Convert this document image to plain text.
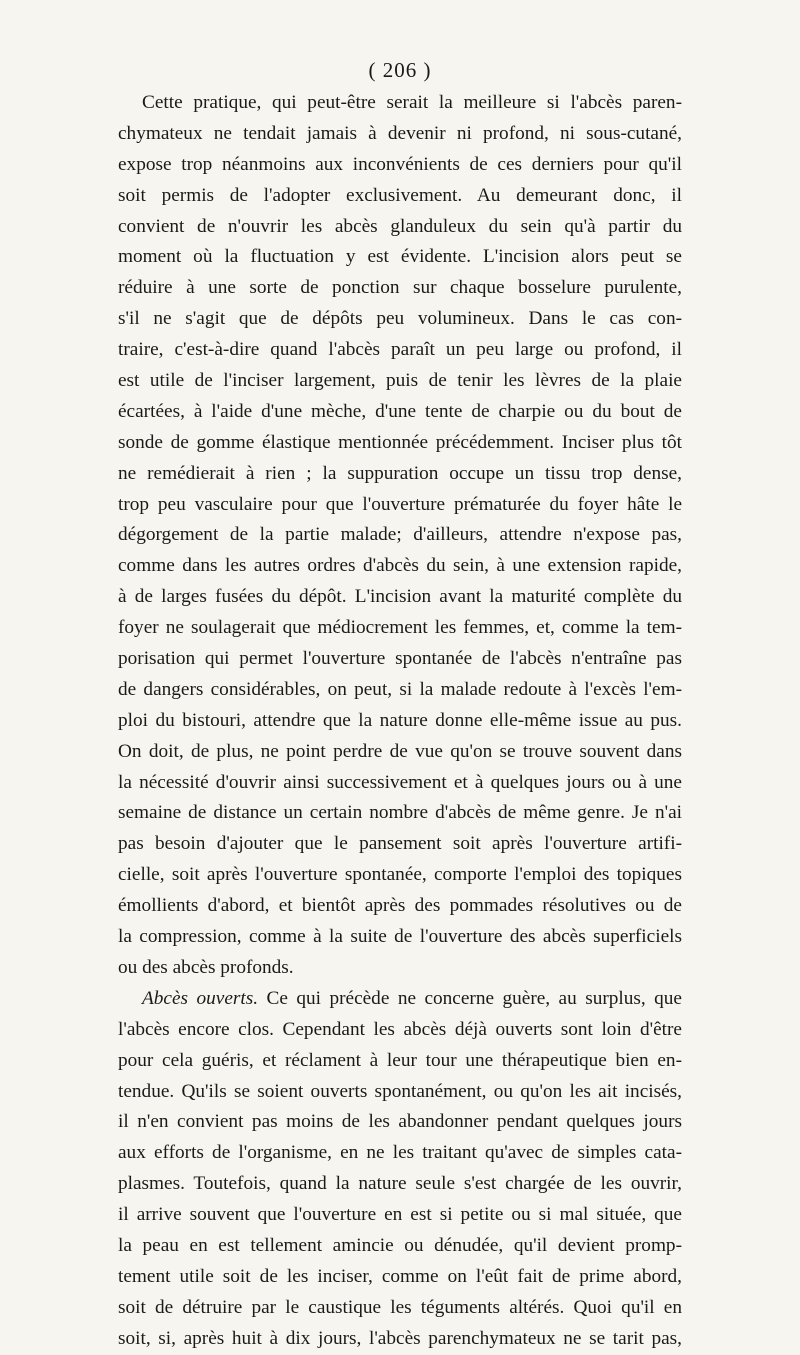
( 206 )
Cette pratique, qui peut-être serait la meilleure si l'abcès paren-
chymateux ne tendait jamais à devenir ni profond, ni sous-cutané,
expose trop néanmoins aux inconvénients de ces derniers pour qu'il
soit permis de l'adopter exclusivement. Au demeurant donc, il
convient de n'ouvrir les abcès glanduleux du sein qu'à partir du
moment où la fluctuation y est évidente. L'incision alors peut se
réduire à une sorte de ponction sur chaque bosselure purulente,
s'il ne s'agit que de dépôts peu volumineux. Dans le cas con-
traire, c'est-à-dire quand l'abcès paraît un peu large ou profond, il
est utile de l'inciser largement, puis de tenir les lèvres de la plaie
écartées, à l'aide d'une mèche, d'une tente de charpie ou du bout de
sonde de gomme élastique mentionnée précédemment. Inciser plus tôt
ne remédierait à rien ; la suppuration occupe un tissu trop dense,
trop peu vasculaire pour que l'ouverture prématurée du foyer hâte le
dégorgement de la partie malade; d'ailleurs, attendre n'expose pas,
comme dans les autres ordres d'abcès du sein, à une extension rapide,
à de larges fusées du dépôt. L'incision avant la maturité complète du
foyer ne soulagerait que médiocrement les femmes, et, comme la tem-
porisation qui permet l'ouverture spontanée de l'abcès n'entraîne pas
de dangers considérables, on peut, si la malade redoute à l'excès l'em-
ploi du bistouri, attendre que la nature donne elle-même issue au pus.
On doit, de plus, ne point perdre de vue qu'on se trouve souvent dans
la nécessité d'ouvrir ainsi successivement et à quelques jours ou à une
semaine de distance un certain nombre d'abcès de même genre. Je n'ai
pas besoin d'ajouter que le pansement soit après l'ouverture artifi-
cielle, soit après l'ouverture spontanée, comporte l'emploi des topiques
émollients d'abord, et bientôt après des pommades résolutives ou de
la compression, comme à la suite de l'ouverture des abcès superficiels
ou des abcès profonds.
Abcès ouverts. Ce qui précède ne concerne guère, au surplus, que
l'abcès encore clos. Cependant les abcès déjà ouverts sont loin d'être
pour cela guéris, et réclament à leur tour une thérapeutique bien en-
tendue. Qu'ils se soient ouverts spontanément, ou qu'on les ait incisés,
il n'en convient pas moins de les abandonner pendant quelques jours
aux efforts de l'organisme, en ne les traitant qu'avec de simples cata-
plasmes. Toutefois, quand la nature seule s'est chargée de les ouvrir,
il arrive souvent que l'ouverture en est si petite ou si mal située, que
la peau en est tellement amincie ou dénudée, qu'il devient promp-
tement utile soit de les inciser, comme on l'eût fait de prime abord,
soit de détruire par le caustique les téguments altérés. Quoi qu'il en
soit, si, après huit à dix jours, l'abcès parenchymateux ne se tarit pas,
